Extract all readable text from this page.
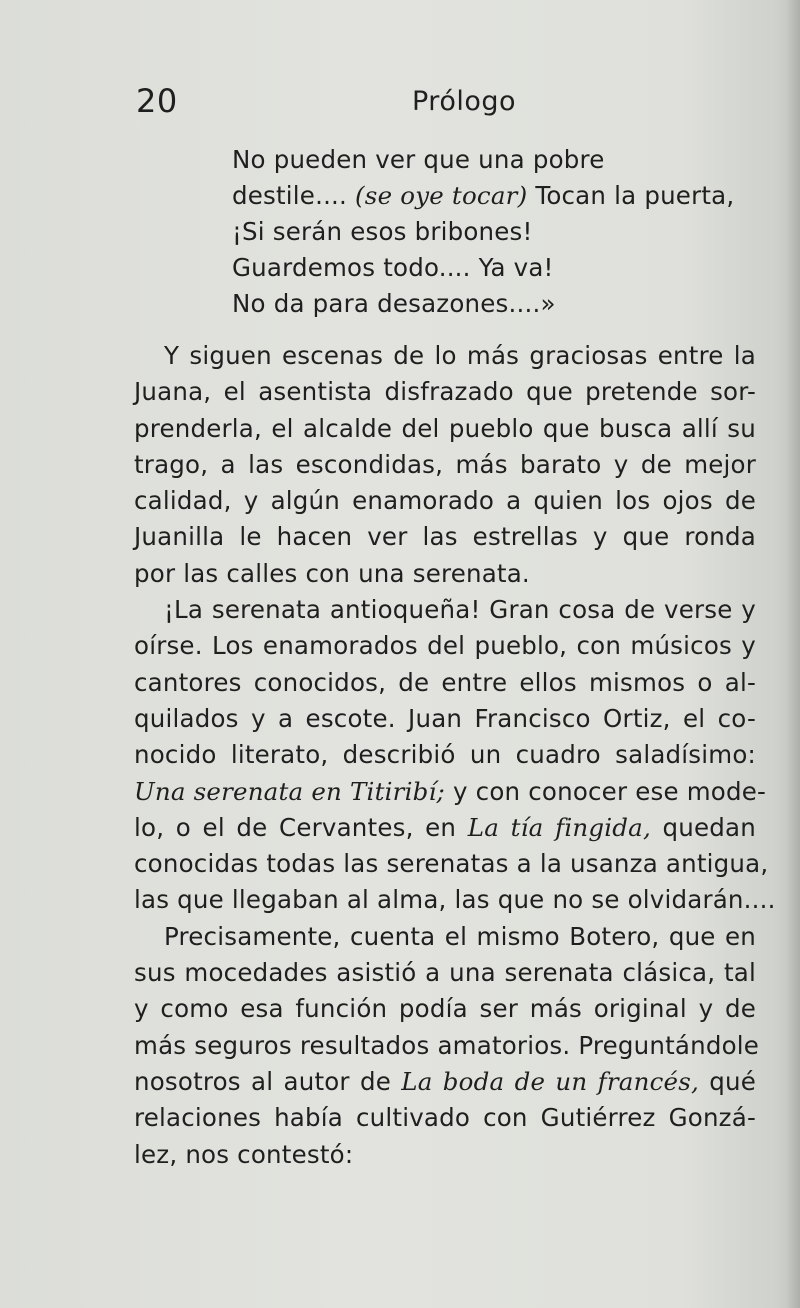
20	Prólogo
No pueden ver que una pobre
destile.... (se oye tocar) Tocan la puerta,
¡Si serán esos bribones!
Guardemos todo.... Ya va!
No da para desazones....»

Y siguen escenas de lo más graciosas entre la
Juana, el asentista disfrazado que pretende sor-
prenderla, el alcalde del pueblo que busca allí su
trago, a las escondidas, más barato y de mejor
calidad, y algún enamorado a quien los ojos de
Juanilla le hacen ver las estrellas y que ronda
por las calles con una serenata.

¡La serenata antioqueña! Gran cosa de verse y
oírse. Los enamorados del pueblo, con músicos y
cantores conocidos, de entre ellos mismos o al-
quilados y a escote. Juan Francisco Ortiz, el co-
nocido literato, describió un cuadro saladísimo:
Una serenata en Titiribí; y con conocer ese mode-
lo, o el de Cervantes, en La tía fingida, quedan
conocidas todas las serenatas a la usanza antigua,
las que llegaban al alma, las que no se olvidarán....

Precisamente, cuenta el mismo Botero, que en
sus mocedades asistió a una serenata clásica, tal
y como esa función podía ser más original y de
más seguros resultados amatorios. Preguntándole
nosotros al autor de La boda de un francés, qué
relaciones había cultivado con Gutiérrez Gonzá-
lez, nos contestó:
